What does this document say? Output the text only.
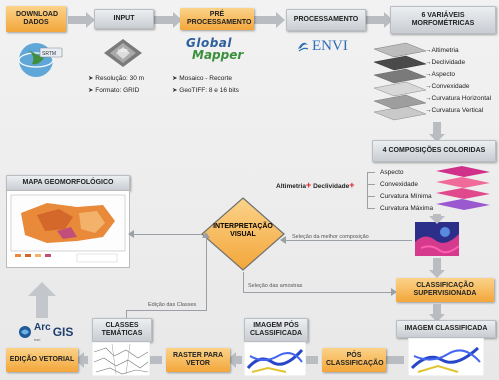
DOWNLOAD DADOS
INPUT
PRÉ PROCESSAMENTO	PROCESSAMENTO
6 VARIÁVEIS MORFOMÉTRICAS
SRTM
MDE
➤ Resolução: 30 m
➤ Formato: GRID
Global
Mapper
➤ Mosaico - Recorte
➤ GeoTIFF: 8 e 16 bits
ENVI	→Altimetria
→Declividade
→Aspecto
→Convexidade
→Curvatura Horizontal
→Curvatura Vertical
4 COMPOSIÇÕES COLORIDAS
Altimetria+ Declividade+
Aspecto
Convexidade
Curvatura Mínima
Curvatura Máxima
MAPA GEOMORFOLÓGICO
INTERPRETAÇÃO VISUAL	Seleção da melhor composição
Seleção das amostras	CLASSIFICAÇÃO SUPERVISIONADA
IMAGEM CLASSIFICADA
PÓS CLASSIFICAÇÃO
IMAGEM PÓS CLASSIFICADA
RASTER PARA VETOR
CLASSES TEMÁTICAS
EDIÇÃO VETORIAL
Arc
esri	GIS
Edição das Classes
